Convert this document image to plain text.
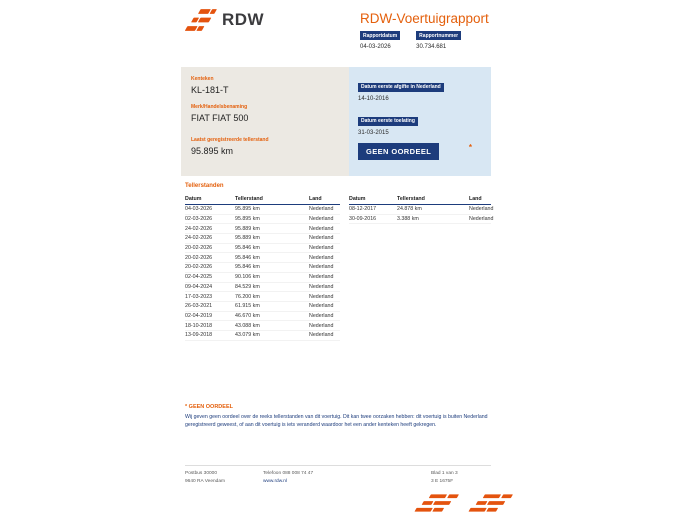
RDW	RDW-Voertuigrapport
Rapportdatum
04-03-2026
Rapportnummer
30.734.681
Kenteken
KL-181-T
Merk/Handelsbenaming
FIAT FIAT 500
Laatst geregistreerde tellerstand
95.895 km
Datum eerste afgifte in Nederland
14-10-2016
Datum eerste toelating
31-03-2015
GEEN OORDEEL	*
Tellerstanden
Datum	Tellerstand	Land
04-03-2026	95.895 km	Nederland
02-03-2026	95.895 km	Nederland
24-02-2026	95.889 km	Nederland
24-02-2026	95.889 km	Nederland
20-02-2026	95.846 km	Nederland
20-02-2026	95.846 km	Nederland
20-02-2026	95.846 km	Nederland
02-04-2025	90.106 km	Nederland
09-04-2024	84.529 km	Nederland
17-03-2023	76.200 km	Nederland
26-03-2021	61.915 km	Nederland
02-04-2019	46.670 km	Nederland
18-10-2018	43.088 km	Nederland
13-09-2018	43.079 km	Nederland
Datum	Tellerstand	Land
08-12-2017	24.878 km	Nederland
30-09-2016	3.388 km	Nederland
* GEEN OORDEEL
Wij geven geen oordeel over de reeks tellerstanden van dit voertuig. Dit kan twee oorzaken hebben: dit voertuig is buiten Nederland geregistreerd geweest, of aan dit voertuig is iets veranderd waardoor het een ander kenteken heeft gekregen.
Postbus 30000
9640 RA Veendam
Telefoon 088 008 74 47
www.rdw.nl
Blad 1 van 3
3 E 1675F
